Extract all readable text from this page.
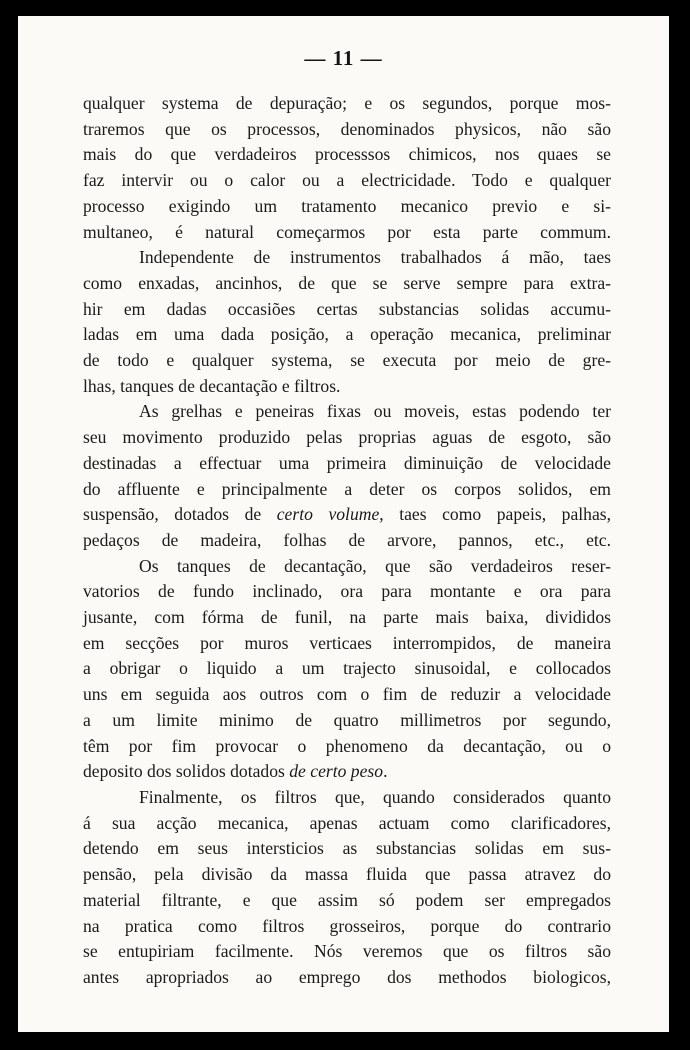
— 11 —

qualquer systema de depuração; e os segundos, porque mos-
traremos que os processos, denominados physicos, não são
mais do que verdadeiros processsos chimicos, nos quaes se
faz intervir ou o calor ou a electricidade. Todo e qualquer
processo exigindo um tratamento mecanico previo e si-
multaneo, é natural começarmos por esta parte commum.

Independente de instrumentos trabalhados á mão, taes
como enxadas, ancinhos, de que se serve sempre para extra-
hir em dadas occasiões certas substancias solidas accumu-
ladas em uma dada posição, a operação mecanica, preliminar
de todo e qualquer systema, se executa por meio de gre-
lhas, tanques de decantação e filtros.

As grelhas e peneiras fixas ou moveis, estas podendo ter
seu movimento produzido pelas proprias aguas de esgoto, são
destinadas a effectuar uma primeira diminuição de velocidade
do affluente e principalmente a deter os corpos solidos, em
suspensão, dotados de certo volume, taes como papeis, palhas,
pedaços de madeira, folhas de arvore, pannos, etc., etc.

Os tanques de decantação, que são verdadeiros reser-
vatorios de fundo inclinado, ora para montante e ora para
jusante, com fórma de funil, na parte mais baixa, divididos
em secções por muros verticaes interrompidos, de maneira
a obrigar o liquido a um trajecto sinusoidal, e collocados
uns em seguida aos outros com o fim de reduzir a velocidade
a um limite minimo de quatro millimetros por segundo,
têm por fim provocar o phenomeno da decantação, ou o
deposito dos solidos dotados de certo peso.

Finalmente, os filtros que, quando considerados quanto
á sua acção mecanica, apenas actuam como clarificadores,
detendo em seus intersticios as substancias solidas em sus-
pensão, pela divisão da massa fluida que passa atravez do
material filtrante, e que assim só podem ser empregados
na pratica como filtros grosseiros, porque do contrario
se entupiriam facilmente. Nós veremos que os filtros são
antes apropriados ao emprego dos methodos biologicos,
